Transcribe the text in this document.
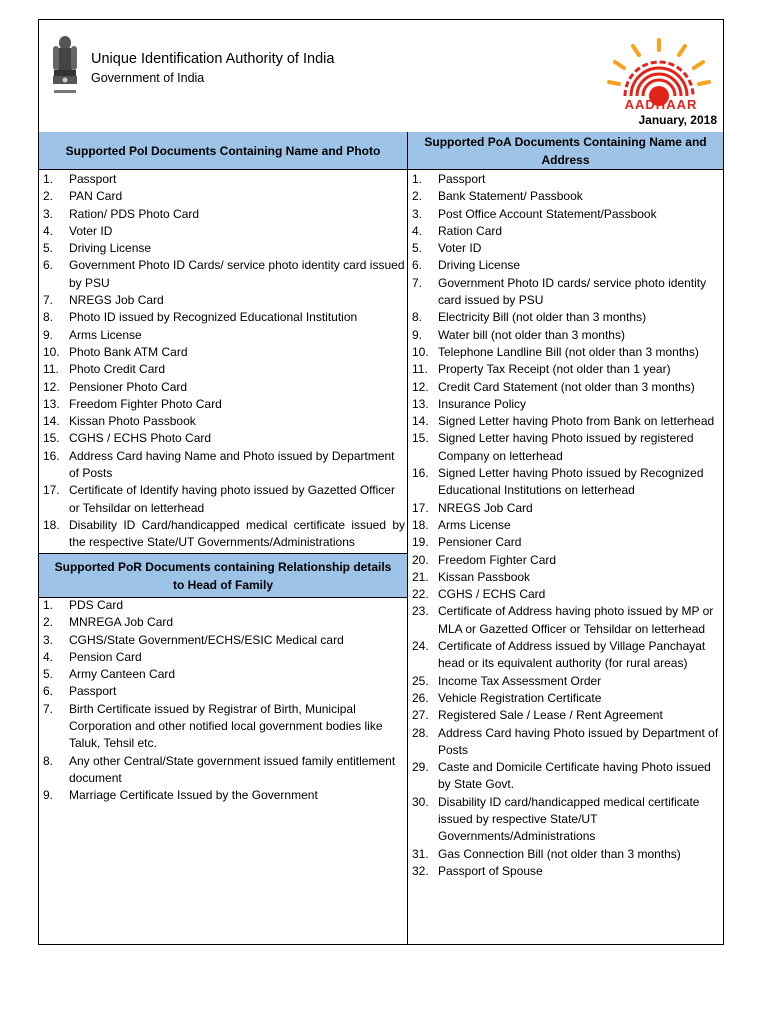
Unique Identification Authority of India
Government of India
AADHAAR
January, 2018
Supported PoI Documents Containing Name and Photo
Supported PoA Documents Containing Name and Address
Supported PoR Documents containing Relationship details to Head of Family
1.	Passport
2.	PAN Card
3.	Ration/ PDS Photo Card
4.	Voter ID
5.	Driving License
6.	Government Photo ID Cards/ service photo identity card issued by PSU
7.	NREGS Job Card
8.	Photo ID issued by Recognized Educational Institution
9.	Arms License
10. Photo Bank ATM Card
11. Photo Credit Card
12. Pensioner Photo Card
13. Freedom Fighter Photo Card
14. Kissan Photo Passbook
15. CGHS / ECHS Photo Card
16. Address Card having Name and Photo issued by Department of Posts
17. Certificate of Identify having photo issued by Gazetted Officer or Tehsildar on letterhead
18. Disability ID Card/handicapped medical certificate issued by the respective State/UT Governments/Administrations
1.	PDS Card
2.	MNREGA Job Card
3.	CGHS/State Government/ECHS/ESIC Medical card
4.	Pension Card
5.	Army Canteen Card
6.	Passport
7.	Birth Certificate issued by Registrar of Birth, Municipal Corporation and other notified local government bodies like Taluk, Tehsil etc.
8.	Any other Central/State government issued family entitlement document
9.	Marriage Certificate Issued by the Government
1.	Passport
2.	Bank Statement/ Passbook
3.	Post Office Account Statement/Passbook
4.	Ration Card
5.	Voter ID
6.	Driving License
7.	Government Photo ID cards/ service photo identity card issued by PSU
8.	Electricity Bill (not older than 3 months)
9.	Water bill (not older than 3 months)
10. Telephone Landline Bill (not older than 3 months)
11. Property Tax Receipt (not older than 1 year)
12. Credit Card Statement (not older than 3 months)
13. Insurance Policy
14. Signed Letter having Photo from Bank on letterhead
15. Signed Letter having Photo issued by registered Company on letterhead
16. Signed Letter having Photo issued by Recognized Educational Institutions on letterhead
17. NREGS Job Card
18. Arms License
19. Pensioner Card
20. Freedom Fighter Card
21. Kissan Passbook
22. CGHS / ECHS Card
23. Certificate of Address having photo issued by MP or MLA or Gazetted Officer or Tehsildar on letterhead
24. Certificate of Address issued by Village Panchayat head or its equivalent authority (for rural areas)
25. Income Tax Assessment Order
26. Vehicle Registration Certificate
27. Registered Sale / Lease / Rent Agreement
28. Address Card having Photo issued by Department of Posts
29. Caste and Domicile Certificate having Photo issued by State Govt.
30. Disability ID card/handicapped medical certificate issued by respective State/UT Governments/Administrations
31. Gas Connection Bill (not older than 3 months)
32. Passport of Spouse
